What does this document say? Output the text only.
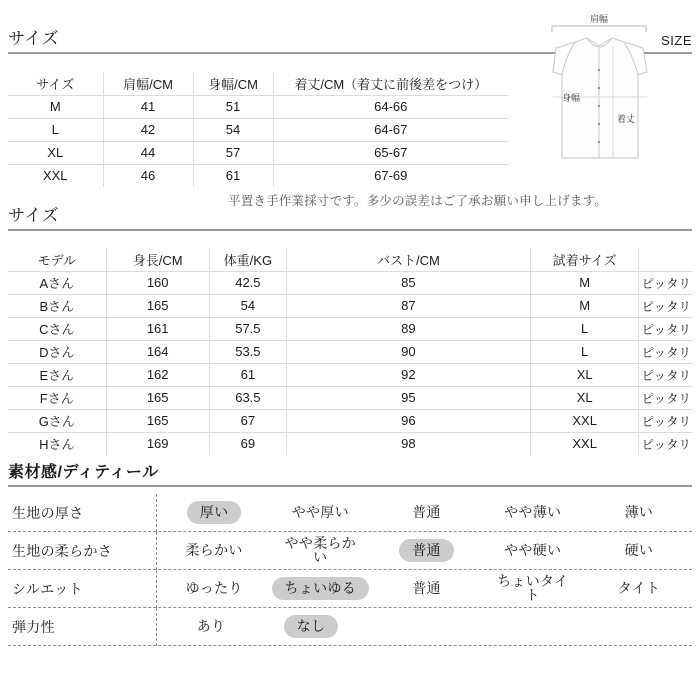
サイズ	SIZE
肩幅
身幅
着丈
サイズ	肩幅/CM	身幅/CM	着丈/CM（着丈に前後差をつけ）
M	41	51	64-66
L	42	54	64-67
XL	44	57	65-67
XXL	46	61	67-69
平置き手作業採寸です。多少の誤差はご了承お願い申し上げます。
サイズ
モデル	身長/CM	体重/KG	バスト/CM	試着サイズ	
Aさん	160	42.5	85	M	ピッタリ
Bさん	165	54	87	M	ピッタリ
Cさん	161	57.5	89	L	ピッタリ
Dさん	164	53.5	90	L	ピッタリ
Eさん	162	61	92	XL	ピッタリ
Fさん	165	63.5	95	XL	ピッタリ
Gさん	165	67	96	XXL	ピッタリ
Hさん	169	69	98	XXL	ピッタリ
素材感/ディティール
生地の厚さ	厚い	やや厚い	普通	やや薄い	薄い
生地の柔らかさ	柔らかい	やや柔らかい	普通	やや硬い	硬い
シルエット	ゆったり	ちょいゆる	普通	ちょいタイト	タイト
弾力性	あり	なし
